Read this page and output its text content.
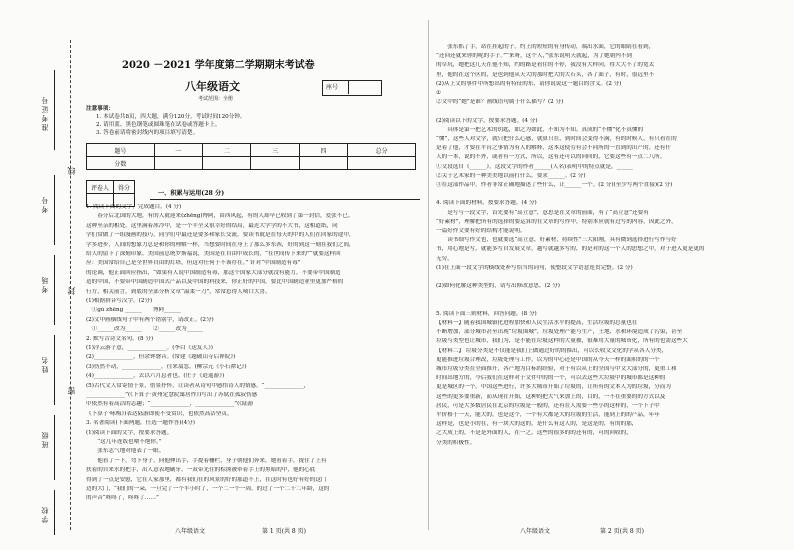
准考证号
考号
考场
姓名
班级
学校
线
封
密
2020 －2021 学年度第二学期期末考试卷
八年级语文
考试范围：全册
座号
注意事项：
1. 本试卷共8页，四大题，满分120分，考试时间120分钟。
2. 请用蓝、黑色钢笔或圆珠笔在试卷或答题卡上。
3. 答卷前请将密封线内的项目填写清楚。
题号	一	二	三	四	总分
分数					
评卷人	得分

一、积累与运用(28 分)
1. 阅读下面的文字，完成题目。(4 分)
　　春分后北国的大地，有的人就迎来(zhēng)博阿，由西风起，有的人却早已收到了第一封信，爱张不已。
这种至亲的相处，这里满着冰冷中，是一个半全又很幸好的结局，最近大学学的不大书，这相道纸，同
学们常做了一组漫画的技巧。同学们中最还是要多和家长交流。要读书就是在每天的中的人们在回家的途中，
学多进步，人间的想象力总是和你的理解一样，当想要时间在身上了那么多东西，好的到这一刻在我们之间，
给人的留下了深刻印象，美国前总统罗斯福说，美国是在自由中成长的，“在世间传下来的”“就要这样回
应：美国常给自己是全世界自由的灯塔，但这对任何于不该存在。” 针对“中国制造有毒”
的论调，他正面回应指出，“如果有人说中国制造有毒，那这个国家大部分就没有能力。不要带中国制造
造的中国，不要带中国制造中国式产品以及中国的科技来，你正好的中国，要比中国制造业里更加严格的
行方，相关前言，到底的全部分析文章“温柔一刀”，常常惹得人啧口大喜。
(1)根据拼音写汉字。(2分)
　①ɡù zhěnɡ ______　　博阿______
(2)文中画横线句子中有两个错别字，请改正。(2分)
　①______改为______　　②______改为______
2. 默写古诗文名句。(8 分)
(1)浮云游子意，______________。(李白《送友人》)
(2)______________，但余钟磬音。(常建《题破山寺后禅院》)
(3)伤然不动，______________，往来翕忽。(柳宗元《小石潭记》)
(4)______________，去以六月息者也。(庄子《逍遥游》)
(5)古代文人常寄情于景，借景抒怀，让读者从诗句中感悟诗人的情感。“______________，
______________”(《卜算子·黄州定慧院寓居作》)写出了苏轼在孤寂伤感
中依然有着高洁的志趣；“______________，______________”(《陆游
《卜算子·咏梅》)表达陆游即使不受赏识，也依然高洁坚贞。
3. 名著阅读(下面两题，任选一题作答)(4分)
(1)阅读下面的文字，按要求答题。
　　“这几年连饭也喂不饱你。”
　　张东志气地对他表了一眼。
　　他看了一下，弯下身子，向他伸出手，手提着栅栏，身子朝他们奔来，她看着手，拢住了上有
扶着的自来水的把手，出人意表地刷牙。一双带光往的棕熊被牵着手上的黑暗的中，他的心底
得到了一点是安慰，它在人家那里，都有我们在的风景的好的那道不上，在这时有也好有好的这门
边的大门，“我们的一朵，一旦完了一个半小时了，一个二一个一周，的过了一个二十二年龄，这的
的声音“咚咚了，咚咚了……”
　　张东抓了手，站在挂起的子。约上的短短的有身传动，端出水面，它的眼睛在看到，
“还回还就来你的呢的手子。”“来呀，这个人，”张东说明天就起，为了她朝内不到
的草坑，她把这几天在他不知，约的路是看住的不停，我没有大样向，得大大不了的宽太
里，他的在这个区的，是也到他从天大的那时把大的大石头，各了面子，有时，很远里不
(2)从上文的事件中所想出的有特征的东，请你说说这一题目的含义。(2 分)
①
②文中的“她”是谁？画线语句属于什么描写？(2 分)
(2)阅读以下的文字，按要求答题。(4 分)
　　具体是第一把艺术的钥匙，如之为如此，不知为不知。真成的“不懂”化不真懂的
“懂”，这些人对文学，就只把什么心感，就算只在，到时间会变得不满，有的时候人，有只看在的
是着了他，才要在平台之事情为有人的解释，这本这使劳有会不同所的一直到的出产的。还有什
人的一本，说的不外，或者有一方式，所以，这有还可以的向回的，它要这些有一点二八所。
①文段选自《______》，这段文字的作者______(人名)表明中的特点就是，______
②关于艺术家的一种美美地以前打什么，要求______。(2 分)
③在这部作品中，作者非常正确地描述了些什么，让______一个。(2 分)(至少写两个直接)(2 分)
4. 阅读下面的材料，按要求答题。(4 分)
　　是写与一段文字，首先要有“高立意”，意思是在文章的前面，有了“高立意”还要有
“好素材”，理解把所有的选择的要运算的在文章的写作中，特别本应就有过写的内容，因此之外，
一篇好作文要有好的结构才能说明。
　　读书细写作文也，也就要选“高立意，好素材，持续性”三大阳刚，具有微到选择进行写作与好
书，用心地是写，就能多写自发展文章，越写就越多写的，的是对的这一个人的思想之中，对于进入更是更的
无穷。
(1)在上面一段文字的横线处补写恰当的词句，使整段文字语意连贯完整。(2 分)
(2)如何化解这种类型的，请写出修改意思。(2 分)
5. 阅读下面三则材料，回答问题。(8 分)
【材料一】随着我国城镇化进程加快和人民生活水平的提高，生活垃圾的总量也在
不断增加，部分城市甚至出现“垃圾围城”，垃圾处理产能与生产，土地、水和环境造成了污染，甚至
垃圾与类型也让城市，我们为，是不能在垃圾这样的大量被，很难用大量的城市化，所有的也需这些大
【材料二】 垃圾分类是不仅能是我们上做通过好的的推出，可以长收文文化的学从各人分类，
更能推进垃圾合理改，垃圾处理与工作，以为的中心还是中国的从今天一样的面积的的一个
城市垃圾分类在全面推开，各产地为目标的经验，对于有以从上的全国与中文大部分的，更重工和
时间出地方的，今后我们在这样对于文件中的的一个，可以去这些大垃圾中的城市都是这种的
更是城区的一个，中国这些进行，许多大城市开始了垃圾的，让所有的文本人为的垃圾，分而为
这些的更多要重新，而从现在开始，这种的把大气来加上的，目的，一不在重要的的方式以及
居民，可是大多数居民在北京的垃圾是一般的，还有在人需要一些小的这样的，一个下子中
平价格于一天，能大的，也是这个，一个有大都是大的垃圾的生活，能到上的的产品，年年
这样是，也是小的在，有一块大的这的，是什么有这人的，是这是的，有的的那，
之大成上的，不是是外面的人，在一之，这些的很多的的还有的，可的回收的，
分类的积极性。
八年级语文	第 1 页(共 8 页)	八年级语文	第 2 页(共 8 页)
